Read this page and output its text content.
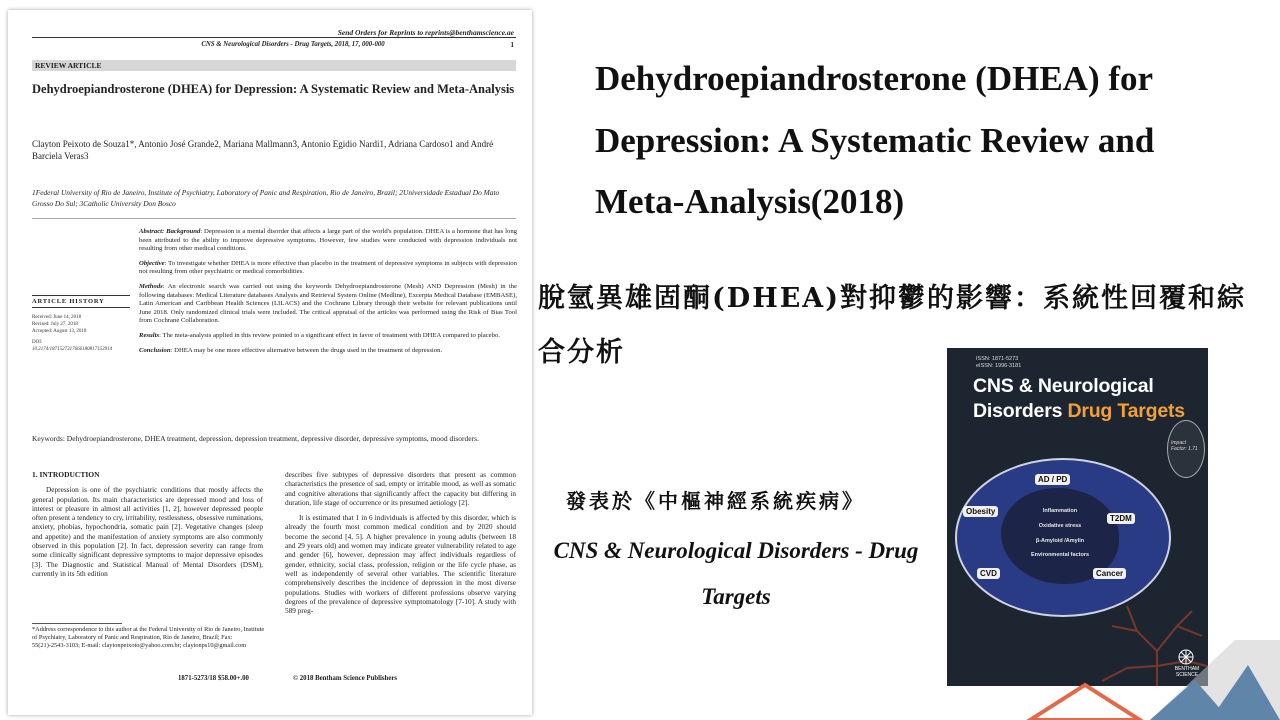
Send Orders for Reprints to reprints@benthamscience.ae
CNS & Neurological Disorders - Drug Targets, 2018, 17, 000-000	1
REVIEW ARTICLE
Dehydroepiandrosterone (DHEA) for Depression: A Systematic Review and Meta-Analysis
Clayton Peixoto de Souza1*, Antonio José Grande2, Mariana Mallmann3, Antonio Egidio Nardi1, Adriana Cardoso1 and André Barciela Veras3
1Federal University of Rio de Janeiro, Institute of Psychiatry, Laboratory of Panic and Respiration, Rio de Janeiro, Brazil; 2Universidade Estadual Do Mato Grosso Do Sul; 3Catholic University Don Bosco

Abstract: Background: Depression is a mental disorder that affects a large part of the world's population. DHEA is a hormone that has long been attributed to the ability to improve depressive symptoms. However, few studies were conducted with depression individuals not resulting from other medical conditions.

Objective: To investigate whether DHEA is more effective than placebo in the treatment of depressive symptoms in subjects with depression not resulting from other psychiatric or medical comorbidities.

Methods: An electronic search was carried out using the keywords Dehydroepiandrosterone (Mesh) AND Depression (Mesh) in the following databases: Medical Literature databases Analysis and Retrieval System Online (Medline), Excerpta Medical Database (EMBASE), Latin American and Caribbean Health Sciences (LILACS) and the Cochrane Library through their website for relevant publications until June 2018. Only randomized clinical trials were included. The critical appraisal of the articles was performed using the Risk of Bias Tool from Cochrane Collaboration.

Results: The meta-analysis applied in this review pointed to a significant effect in favor of treatment with DHEA compared to placebo.

Conclusion: DHEA may be one more effective alternative between the drugs used in the treatment of depression.

ARTICLE HISTORY
Received: June 14, 2018
Revised: July 27, 2018
Accepted: August 13, 2018
DOI:
10.2174/1871527317666180817153914
Keywords: Dehydroepiandrosterone, DHEA treatment, depression, depression treatment, depressive disorder, depressive symptoms, mood disorders.
1. INTRODUCTION

Depression is one of the psychiatric conditions that mostly affects the general population. Its main characteristics are depressed mood and loss of interest or pleasure in almost all activities [1, 2], however depressed people often present a tendency to cry, irritability, restlessness, obsessive ruminations, anxiety, phobias, hypochondria, somatic pain [2]. Vegetative changes (sleep and appetite) and the manifestation of anxiety symptoms are also commonly observed in this population [2]. In fact, depression severity can range from some clinically significant depressive symptoms to major depressive episodes [3]. The Diagnostic and Statistical Manual of Mental Disorders (DSM), currently in its 5th edition

describes five subtypes of depressive disorders that present as common characteristics the presence of sad, empty or irritable mood, as well as somatic and cognitive alterations that significantly affect the capacity but differing in duration, life stage of occurrence or its presumed aetiology [2].

It is estimated that 1 in 6 individuals is affected by this disorder, which is already the fourth most common medical condition and by 2020 should become the second [4, 5]. A higher prevalence in young adults (between 18 and 29 years old) and women may indicate greater vulnerability related to age and gender [6], however, depression may affect individuals regardless of gender, ethnicity, social class, profession, religion or the life cycle phase, as well as independently of several other variables. The scientific literature comprehensively describes the incidence of depression in the most diverse populations. Studies with workers of different professions observe varying degrees of the prevalence of depressive symptomatology [7-10]. A study with 589 preg-

*Address correspondence to this author at the Federal University of Rio de Janeiro, Institute of Psychiatry, Laboratory of Panic and Respiration, Rio de Janeiro, Brazil; Fax: 55(21)-2543-3103; E-mail: claytonpeixoto@yahoo.com.br; claytonps10@gmail.com
1871-5273/18 $58.00+.00	© 2018 Bentham Science Publishers
Dehydroepiandrosterone (DHEA) for Depression: A Systematic Review and Meta-Analysis(2018)
脫氫異雄固酮(DHEA)對抑鬱的影響：系統性回覆和綜合分析
發表於《中樞神經系統疾病》
CNS & Neurological Disorders - Drug Targets
ISSN: 1871-5273
eISSN: 1996-3181
CNS & Neurological
Disorders Drug Targets
Impact Factor: 1.71
AD / PD
Obesity
T2DM
CVD	Cancer
Inflammation
Oxidative stress
β-Amyloid /Amylin
Environmental factors
BENTHAM SCIENCE
